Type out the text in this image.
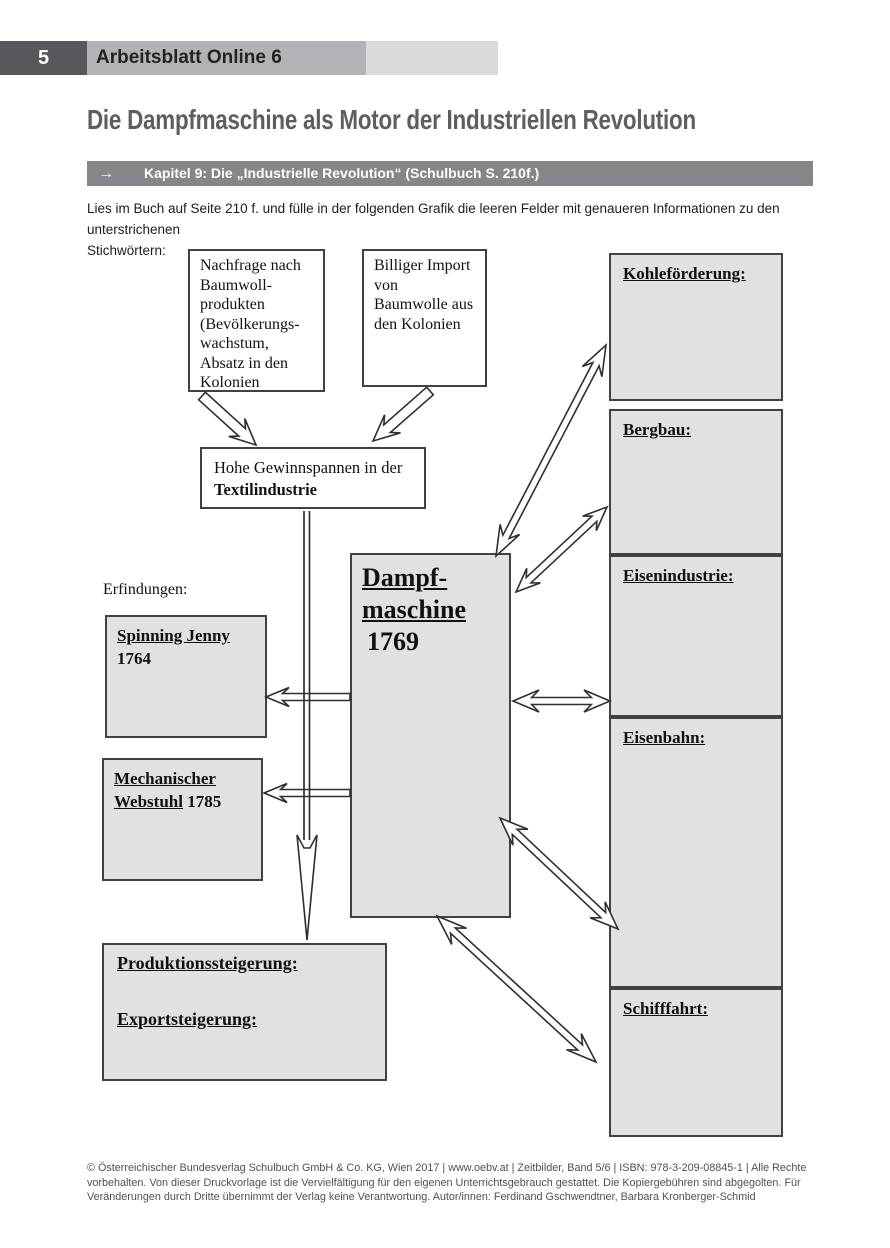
5	Arbeitsblatt Online 6
Die Dampfmaschine als Motor der Industriellen Revolution
→ Kapitel 9: Die „Industrielle Revolution“ (Schulbuch S. 210f.)
Lies im Buch auf Seite 210 f. und fülle in der folgenden Grafik die leeren Felder mit genaueren Informationen zu den unterstrichenen
Stichwörtern:
Nachfrage nach
Baumwoll-
produkten
(Bevölkerungs-
wachstum,
Absatz in den
Kolonien
Billiger Import
von
Baumwolle aus
den Kolonien
Hohe Gewinnspannen in der
Textilindustrie
Erfindungen:	Dampf-
maschine
1769
Spinning Jenny
1764
Mechanischer
Webstuhl 1785
Produktionssteigerung:
Exportsteigerung:
Kohleförderung:
Bergbau:
Eisenindustrie:
Eisenbahn:
Schifffahrt:
© Österreichischer Bundesverlag Schulbuch GmbH & Co. KG, Wien 2017 | www.oebv.at | Zeitbilder, Band 5/6 | ISBN: 978-3-209-08845-1 | Alle Rechte
vorbehalten. Von dieser Druckvorlage ist die Vervielfältigung für den eigenen Unterrichtsgebrauch gestattet. Die Kopiergebühren sind abgegolten. Für
Veränderungen durch Dritte übernimmt der Verlag keine Verantwortung. Autor/innen: Ferdinand Gschwendtner, Barbara Kronberger-Schmid
